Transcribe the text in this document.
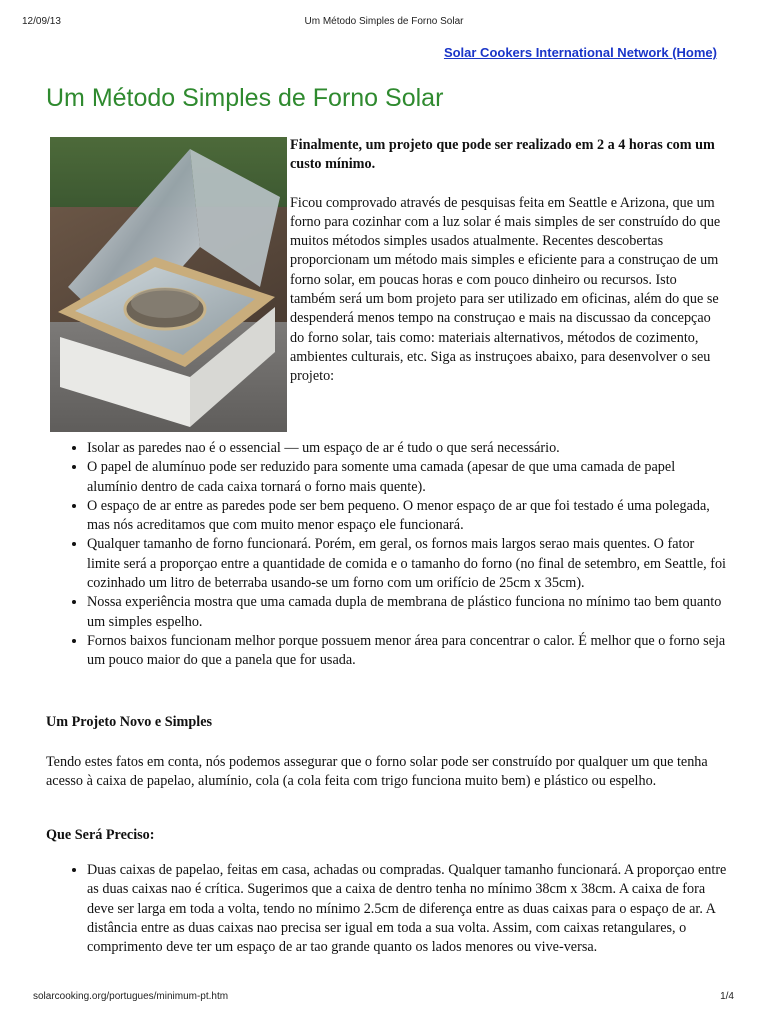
12/09/13	Um Método Simples de Forno Solar
Solar Cookers International Network (Home)
Um Método Simples de Forno Solar

Finalmente, um projeto que pode ser realizado em 2 a 4 horas com um custo mínimo.

Ficou comprovado através de pesquisas feita em Seattle e Arizona, que um forno para cozinhar com a luz solar é mais simples de ser construído do que muitos métodos simples usados atualmente. Recentes descobertas proporcionam um método mais simples e eficiente para a construçao de um forno solar, em poucas horas e com pouco dinheiro ou recursos. Isto também será um bom projeto para ser utilizado em oficinas, além do que se despenderá menos tempo na construçao e mais na discussao da concepçao do forno solar, tais como: materiais alternativos, métodos de cozimento, ambientes culturais, etc. Siga as instruçoes abaixo, para desenvolver o seu projeto:

• Isolar as paredes nao é o essencial — um espaço de ar é tudo o que será necessário.
• O papel de alumínuo pode ser reduzido para somente uma camada (apesar de que uma camada de papel alumínio dentro de cada caixa tornará o forno mais quente).
• O espaço de ar entre as paredes pode ser bem pequeno. O menor espaço de ar que foi testado é uma polegada, mas nós acreditamos que com muito menor espaço ele funcionará.
• Qualquer tamanho de forno funcionará. Porém, em geral, os fornos mais largos serao mais quentes. O fator limite será a proporçao entre a quantidade de comida e o tamanho do forno (no final de setembro, em Seattle, foi cozinhado um litro de beterraba usando-se um forno com um orifício de 25cm x 35cm).
• Nossa experiência mostra que uma camada dupla de membrana de plástico funciona no mínimo tao bem quanto um simples espelho.
• Fornos baixos funcionam melhor porque possuem menor área para concentrar o calor. É melhor que o forno seja um pouco maior do que a panela que for usada.
Um Projeto Novo e Simples

Tendo estes fatos em conta, nós podemos assegurar que o forno solar pode ser construído por qualquer um que tenha acesso à caixa de papelao, alumínio, cola (a cola feita com trigo funciona muito bem) e plástico ou espelho.

Que Será Preciso:
• Duas caixas de papelao, feitas em casa, achadas ou compradas. Qualquer tamanho funcionará. A proporçao entre as duas caixas nao é crítica. Sugerimos que a caixa de dentro tenha no mínimo 38cm x 38cm. A caixa de fora deve ser larga em toda a volta, tendo no mínimo 2.5cm de diferença entre as duas caixas para o espaço de ar. A distância entre as duas caixas nao precisa ser igual em toda a sua volta. Assim, com caixas retangulares, o comprimento deve ter um espaço de ar tao grande quanto os lados menores ou vive-versa.
solarcooking.org/portugues/minimum-pt.htm	1/4
